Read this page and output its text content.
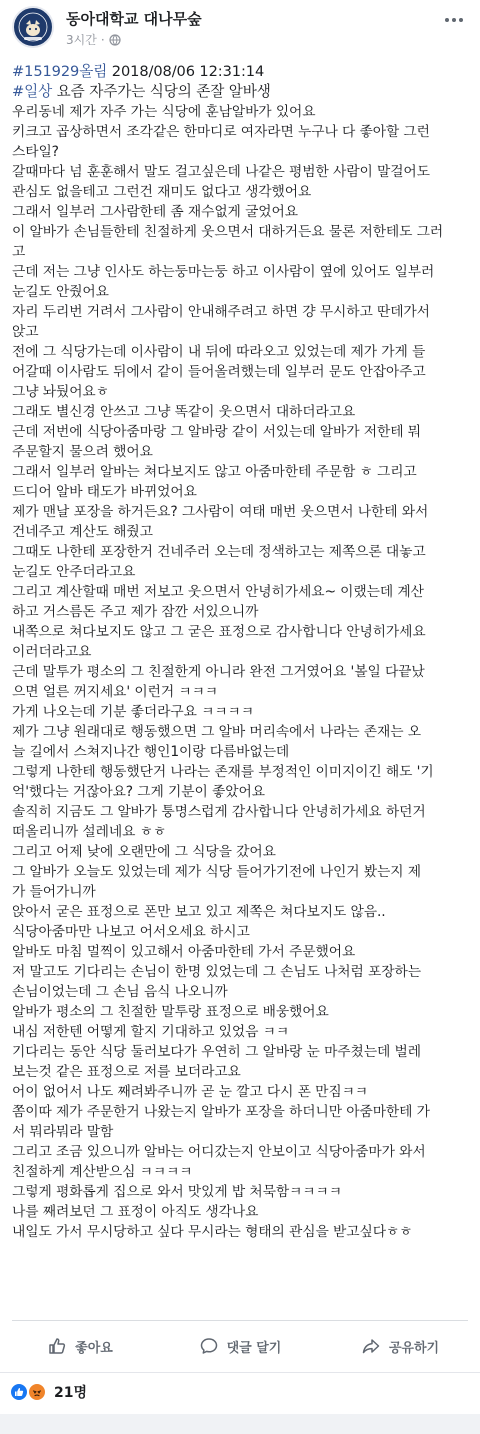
동아대학교 대나무숲
3시간 ·
#151929올림 2018/08/06 12:31:14
#일상 요즘 자주가는 식당의 존잘 알바생
우리동네 제가 자주 가는 식당에 훈남알바가 있어요
키크고 곱상하면서 조각같은 한마디로 여자라면 누구나 다 좋아할 그런
스타일?
갈때마다 넘 훈훈해서 말도 걸고싶은데 나같은 평범한 사람이 말걸어도
관심도 없을테고 그런건 재미도 없다고 생각했어요
그래서 일부러 그사람한테 좀 재수없게 굴었어요
이 알바가 손님들한테 친절하게 웃으면서 대하거든요 물론 저한테도 그러
고
근데 저는 그냥 인사도 하는둥마는둥 하고 이사람이 옆에 있어도 일부러
눈길도 안줬어요
자리 두리번 거려서 그사람이 안내해주려고 하면 걍 무시하고 딴데가서
앉고
전에 그 식당가는데 이사람이 내 뒤에 따라오고 있었는데 제가 가게 들
어갈때 이사람도 뒤에서 같이 들어올려했는데 일부러 문도 안잡아주고
그냥 놔뒀어요ㅎ
그래도 별신경 안쓰고 그냥 똑같이 웃으면서 대하더라고요
근데 저번에 식당아줌마랑 그 알바랑 같이 서있는데 알바가 저한테 뭐
주문할지 물으려 했어요
그래서 일부러 알바는 쳐다보지도 않고 아줌마한테 주문함 ㅎ 그리고
드디어 알바 태도가 바뀌었어요
제가 맨날 포장을 하거든요? 그사람이 여태 매번 웃으면서 나한테 와서
건네주고 계산도 해줬고
그때도 나한테 포장한거 건네주러 오는데 정색하고는 제쪽으론 대놓고
눈길도 안주더라고요
그리고 계산할때 매번 저보고 웃으면서 안녕히가세요~ 이랬는데 계산
하고 거스름돈 주고 제가 잠깐 서있으니까
내쪽으로 쳐다보지도 않고 그 굳은 표정으로 감사합니다 안녕히가세요
이러더라고요
근데 말투가 평소의 그 친절한게 아니라 완전 그거였어요 '볼일 다끝났
으면 얼른 꺼지세요' 이런거 ㅋㅋㅋ
가게 나오는데 기분 좋더라구요 ㅋㅋㅋㅋ
제가 그냥 원래대로 행동했으면 그 알바 머리속에서 나라는 존재는 오
늘 길에서 스쳐지나간 행인1이랑 다름바없는데
그렇게 나한테 행동했단거 나라는 존재를 부정적인 이미지이긴 해도 '기
억'했다는 거잖아요? 그게 기분이 좋았어요
솔직히 지금도 그 알바가 퉁명스럽게 감사합니다 안녕히가세요 하던거
떠올리니까 설레네요 ㅎㅎ
그리고 어제 낮에 오랜만에 그 식당을 갔어요
그 알바가 오늘도 있었는데 제가 식당 들어가기전에 나인거 봤는지 제
가 들어가니까
앉아서 굳은 표정으로 폰만 보고 있고 제쪽은 쳐다보지도 않음..
식당아줌마만 나보고 어서오세요 하시고
알바도 마침 멀찍이 있고해서 아줌마한테 가서 주문했어요
저 말고도 기다리는 손님이 한명 있었는데 그 손님도 나처럼 포장하는
손님이었는데 그 손님 음식 나오니까
알바가 평소의 그 친절한 말투랑 표정으로 배웅했어요
내심 저한텐 어떻게 할지 기대하고 있었음 ㅋㅋ
기다리는 동안 식당 둘러보다가 우연히 그 알바랑 눈 마주쳤는데 벌레
보는것 같은 표정으로 저를 보더라고요
어이 없어서 나도 째려봐주니까 곧 눈 깔고 다시 폰 만짐ㅋㅋ
쫌이따 제가 주문한거 나왔는지 알바가 포장을 하더니만 아줌마한테 가
서 뭐라뭐라 말함
그리고 조금 있으니까 알바는 어디갔는지 안보이고 식당아줌마가 와서
친절하게 계산받으심 ㅋㅋㅋㅋ
그렇게 평화롭게 집으로 와서 맛있게 밥 처묵함ㅋㅋㅋㅋ
나를 째려보던 그 표정이 아직도 생각나요
내일도 가서 무시당하고 싶다 무시라는 형태의 관심을 받고싶다ㅎㅎ
좋아요	댓글 달기	공유하기
21명
